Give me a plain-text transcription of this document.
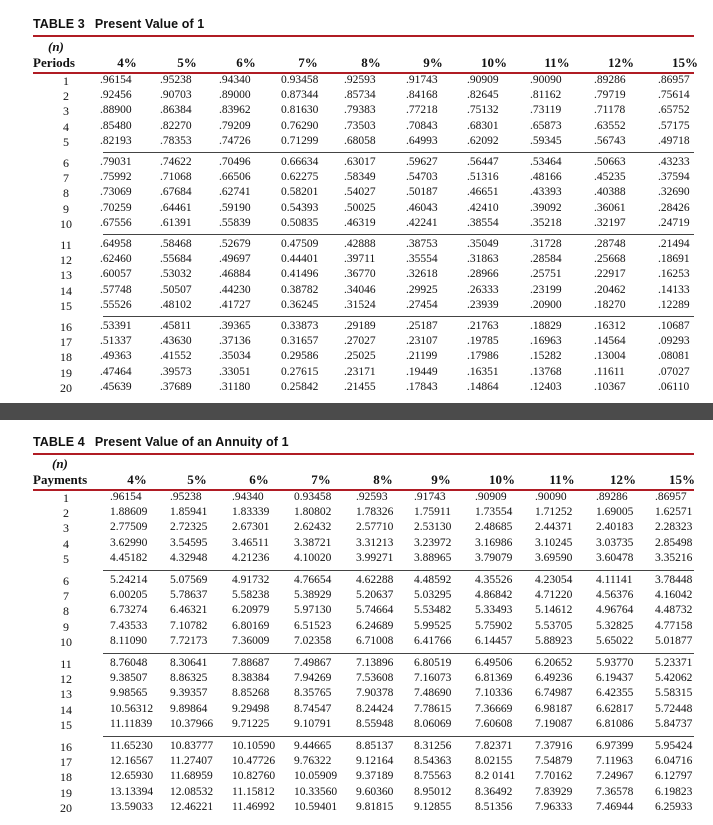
TABLE 3 Present Value of 1
(n)
Periods	4%	5%	6%	7%	8%	9%	10%	11%	12%	15%
1	.96154 .95238 .94340	0.93458 .92593	.91743	.90909	.90090	.89286	.86957
2	.92456 .90703 .89000	0.87344 .85734	.84168	.82645	.81162	.79719	.75614
3	.88900 .86384 .83962	0.81630 .79383	.77218	.75132	.73119	.71178	.65752
4	.85480 .82270 .79209	0.76290 .73503	.70843	.68301	.65873	.63552	.57175
5	.82193 .78353 .74726	0.71299 .68058	.64993	.62092	.59345	.56743	.49718
6	.79031 .74622 .70496	0.66634 .63017	.59627	.56447	.53464	.50663	.43233
7	.75992 .71068 .66506	0.62275 .58349	.54703	.51316	.48166	.45235	.37594
8	.73069 .67684 .62741	0.58201 .54027	.50187	.46651	.43393	.40388	.32690
9	.70259 .64461 .59190	0.54393 .50025	.46043	.42410	.39092	.36061	.28426
10	.67556 .61391 .55839	0.50835 .46319	.42241	.38554	.35218	.32197	.24719
11	.64958 .58468 .52679	0.47509 .42888	.38753	.35049	.31728	.28748	.21494
12	.62460 .55684 .49697	0.44401 .39711	.35554	.31863	.28584	.25668	.18691
13	.60057 .53032 .46884	0.41496 .36770	.32618	.28966	.25751	.22917	.16253
14	.57748 .50507 .44230	0.38782 .34046	.29925	.26333	.23199	.20462	.14133
15	.55526 .48102 .41727	0.36245 .31524	.27454	.23939	.20900	.18270	.12289
16	.53391 .45811 .39365	0.33873 .29189	.25187	.21763	.18829	.16312	.10687
17	.51337 .43630 .37136	0.31657 .27027	.23107	.19785	.16963	.14564	.09293
18	.49363 .41552 .35034	0.29586 .25025	.21199	.17986	.15282	.13004	.08081
19	.47464 .39573 .33051	0.27615 .23171	.19449	.16351	.13768	.11611	.07027
20	.45639 .37689 .31180	0.25842 .21455	.17843	.14864	.12403	.10367	.06110
TABLE 4 Present Value of an Annuity of 1
(n)
Payments	4%	5%	6%	7%	8%	9%	10%	11%	12%	15%
1	.96154 .95238	.94340	0.93458 .92593 .91743	.90909 .90090	.89286 .86957
2	1.88609 1.85941 1.83339 1.80802 1.78326 1.75911 1.73554 1.71252 1.69005 1.62571
3	2.77509 2.72325 2.67301 2.62432 2.57710 2.53130 2.48685 2.44371 2.40183 2.28323
4	3.62990 3.54595 3.46511 3.38721 3.31213 3.23972 3.16986 3.10245 3.03735 2.85498
5	4.45182 4.32948 4.21236 4.10020 3.99271 3.88965 3.79079 3.69590 3.60478 3.35216
6	5.24214 5.07569 4.91732 4.76654 4.62288 4.48592 4.35526 4.23054 4.11141 3.78448
7	6.00205 5.78637 5.58238 5.38929 5.20637 5.03295 4.86842 4.71220 4.56376 4.16042
8	6.73274 6.46321 6.20979 5.97130 5.74664 5.53482 5.33493 5.14612 4.96764 4.48732
9	7.43533 7.10782 6.80169 6.51523 6.24689 5.99525 5.75902 5.53705 5.32825 4.77158
10	8.11090 7.72173 7.36009 7.02358 6.71008 6.41766 6.14457 5.88923 5.65022 5.01877
11	8.76048 8.30641 7.88687 7.49867 7.13896 6.80519 6.49506 6.20652 5.93770 5.23371
12	9.38507 8.86325 8.38384 7.94269 7.53608 7.16073 6.81369 6.49236 6.19437 5.42062
13	9.98565 9.39357 8.85268 8.35765 7.90378 7.48690 7.10336 6.74987 6.42355 5.58315
14	10.56312 9.89864 9.29498 8.74547 8.24424 7.78615 7.36669 6.98187 6.62817 5.72448
15	11.11839 10.37966 9.71225 9.10791 8.55948 8.06069 7.60608 7.19087 6.81086 5.84737
16	11.65230 10.83777 10.10590 9.44665 8.85137 8.31256 7.82371 7.37916 6.97399 5.95424
17	12.16567 11.27407 10.47726 9.76322 9.12164 8.54363 8.02155 7.54879 7.11963 6.04716
18	12.65930 11.68959 10.82760 10.05909 9.37189 8.75563 8.2 0141 7.70162 7.24967 6.12797
19	13.13394 12.08532 11.15812 10.33560 9.60360 8.95012 8.36492 7.83929 7.36578 6.19823
20	13.59033 12.46221 11.46992 10.59401 9.81815 9.12855 8.51356 7.96333 7.46944 6.25933
